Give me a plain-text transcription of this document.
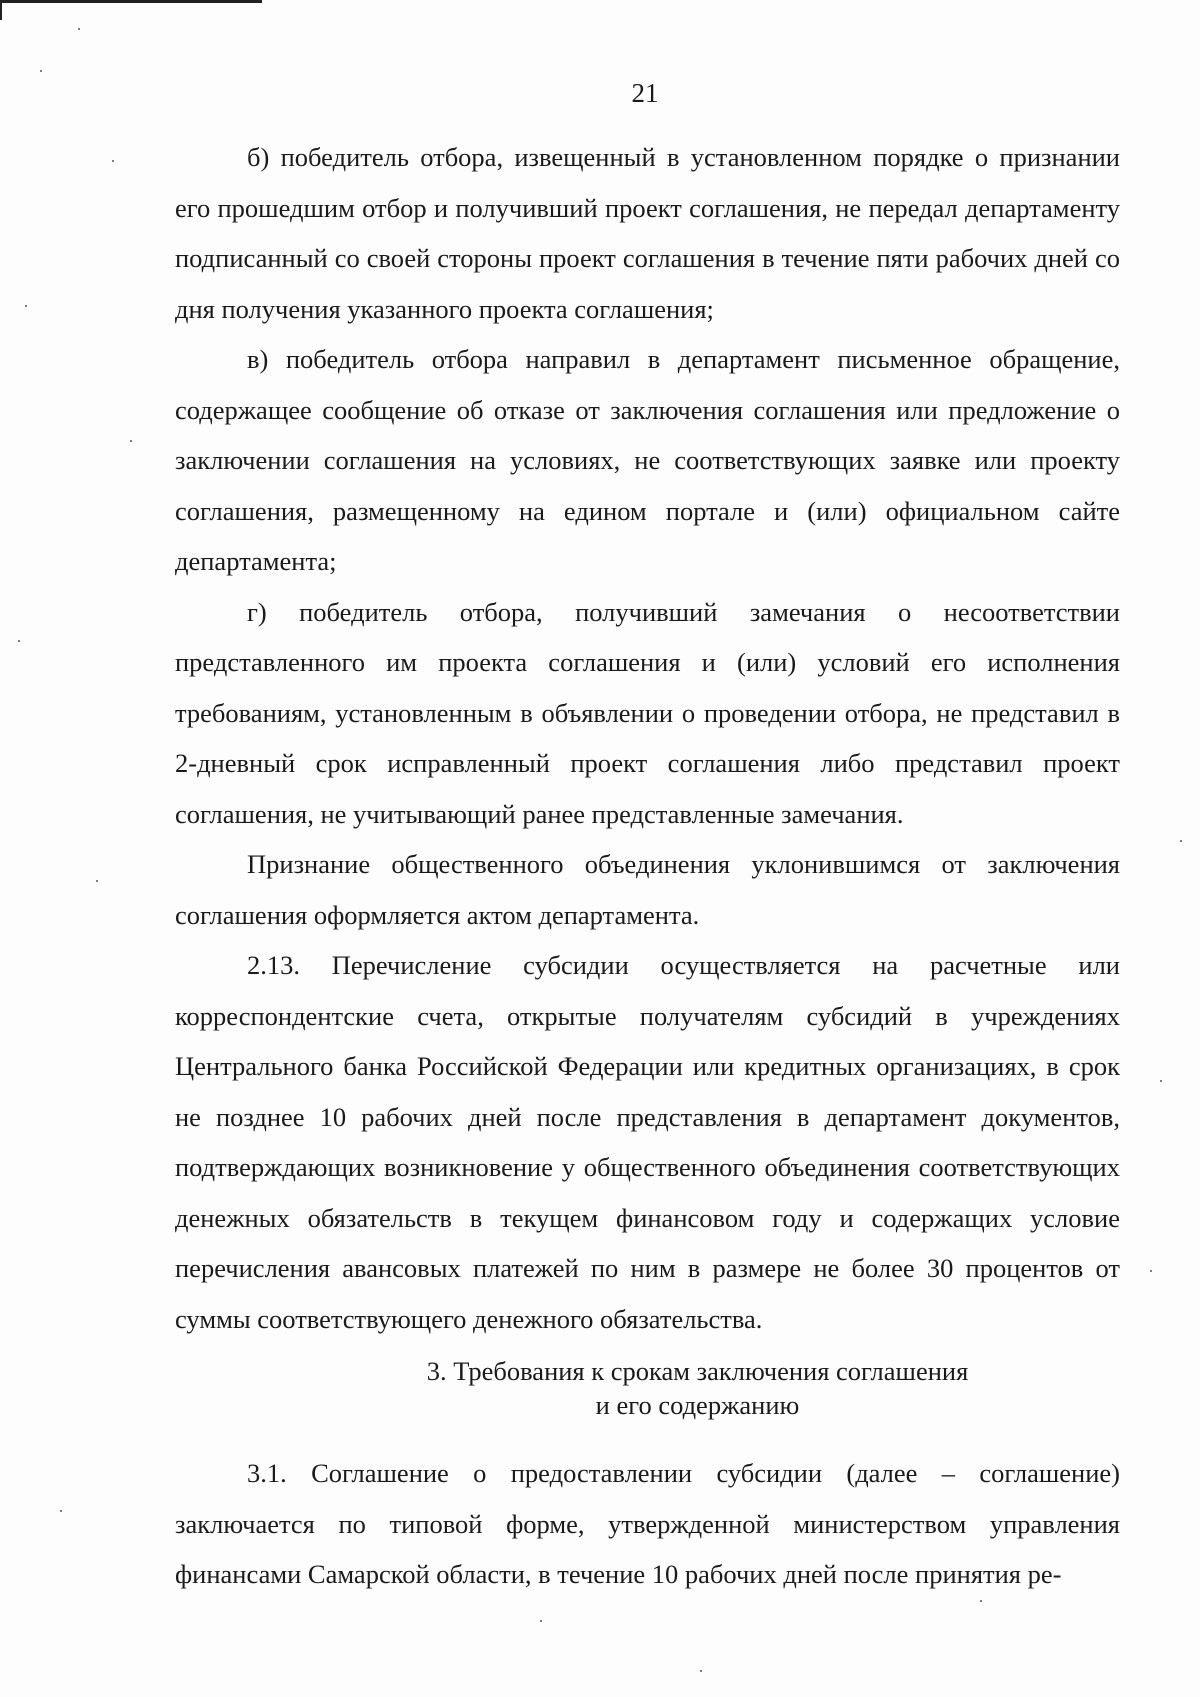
21

б) победитель отбора, извещенный в установленном порядке о признании его прошедшим отбор и получивший проект соглашения, не передал департаменту подписанный со своей стороны проект соглашения в течение пяти рабочих дней со дня получения указанного проекта соглашения;

в) победитель отбора направил в департамент письменное обращение, содержащее сообщение об отказе от заключения соглашения или предложение о заключении соглашения на условиях, не соответствующих заявке или проекту соглашения, размещенному на едином портале и (или) официальном сайте департамента;

г) победитель отбора, получивший замечания о несоответствии представленного им проекта соглашения и (или) условий его исполнения требованиям, установленным в объявлении о проведении отбора, не представил в 2-дневный срок исправленный проект соглашения либо представил проект соглашения, не учитывающий ранее представленные замечания.

Признание общественного объединения уклонившимся от заключения соглашения оформляется актом департамента.

2.13. Перечисление субсидии осуществляется на расчетные или корреспондентские счета, открытые получателям субсидий в учреждениях Центрального банка Российской Федерации или кредитных организациях, в срок не позднее 10 рабочих дней после представления в департамент документов, подтверждающих возникновение у общественного объединения соответствующих денежных обязательств в текущем финансовом году и содержащих условие перечисления авансовых платежей по ним в размере не более 30 процентов от суммы соответствующего денежного обязательства.

3. Требования к срокам заключения соглашения
и его содержанию

3.1. Соглашение о предоставлении субсидии (далее – соглашение) заключается по типовой форме, утвержденной министерством управления финансами Самарской области, в течение 10 рабочих дней после принятия ре-
